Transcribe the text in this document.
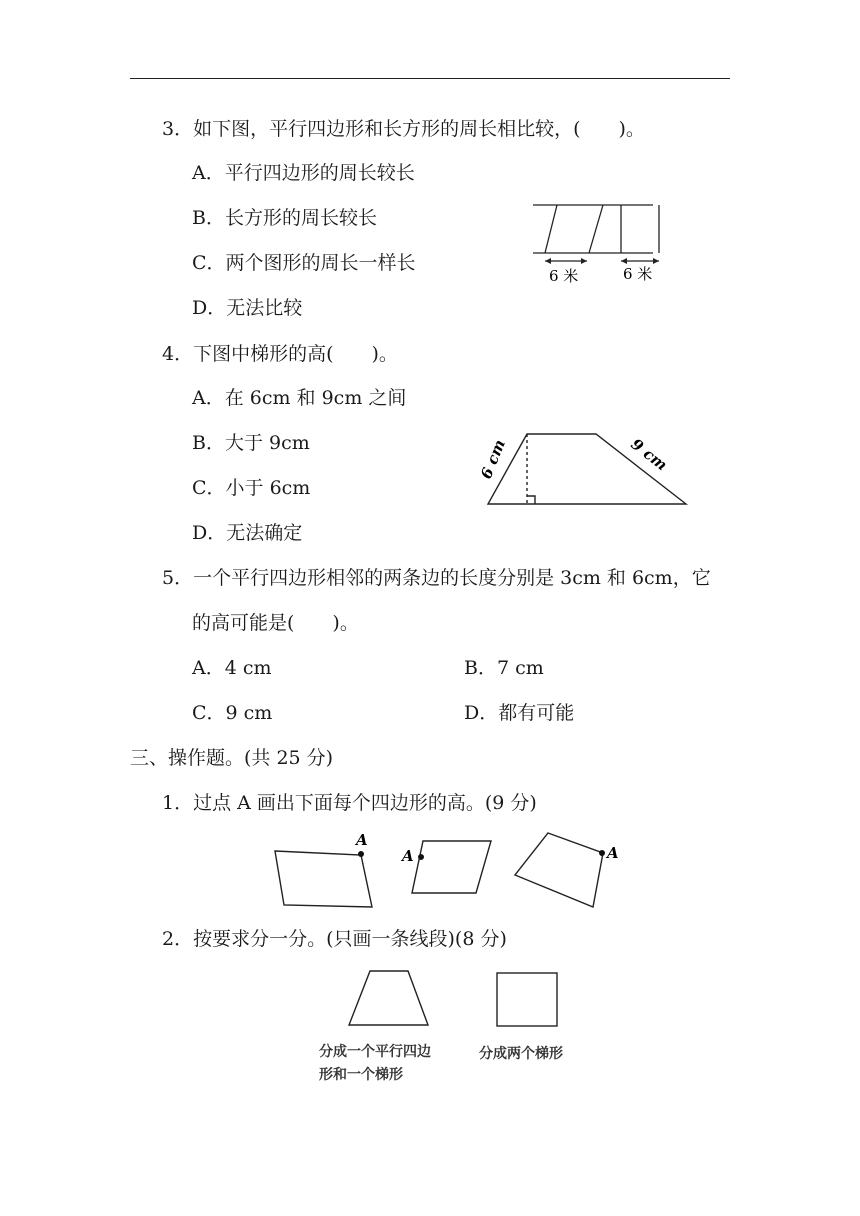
3．如下图，平行四边形和长方形的周长相比较，(　　)。
A．平行四边形的周长较长
B．长方形的周长较长
C．两个图形的周长一样长
D．无法比较
6 米	6 米
4．下图中梯形的高(　　)。
A．在 6cm 和 9cm 之间
B．大于 9cm
C．小于 6cm
D．无法确定
6 cm	9 cm
5．一个平行四边形相邻的两条边的长度分别是 3cm 和 6cm，它
的高可能是(　　)。
A．4 cm	B．7 cm
C．9 cm	D．都有可能
三、操作题。(共 25 分)
1．过点 A 画出下面每个四边形的高。(9 分)
A
A	A
2．按要求分一分。(只画一条线段)(8 分)
分成一个平行四边
形和一个梯形
分成两个梯形
